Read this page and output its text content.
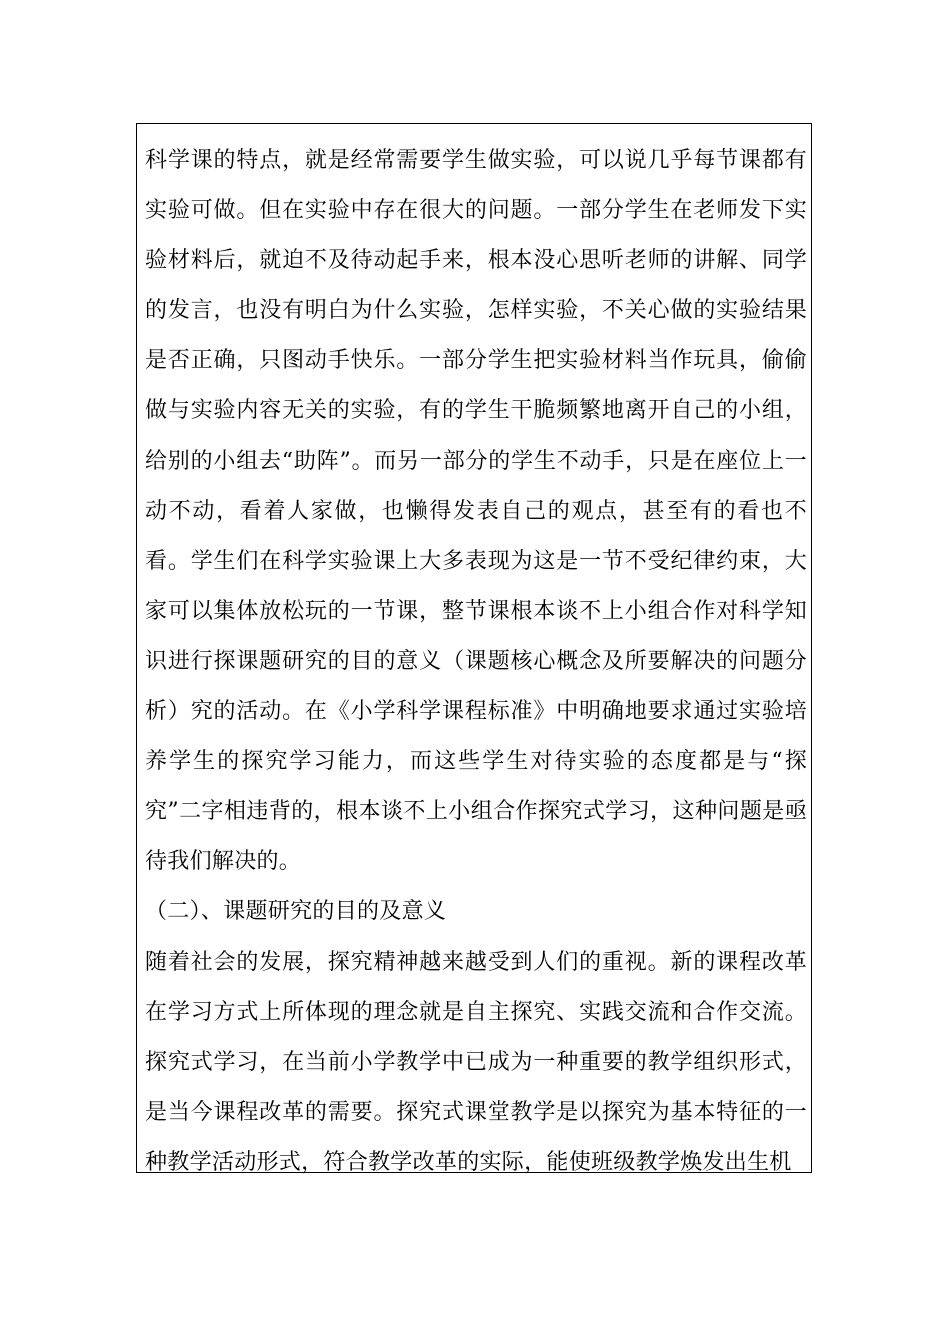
科学课的特点，就是经常需要学生做实验，可以说几乎每节课都有实验可做。但在实验中存在很大的问题。一部分学生在老师发下实验材料后，就迫不及待动起手来，根本没心思听老师的讲解、同学的发言，也没有明白为什么实验，怎样实验，不关心做的实验结果是否正确，只图动手快乐。一部分学生把实验材料当作玩具，偷偷做与实验内容无关的实验，有的学生干脆频繁地离开自己的小组，给别的小组去“助阵”。而另一部分的学生不动手，只是在座位上一动不动，看着人家做，也懒得发表自己的观点，甚至有的看也不看。学生们在科学实验课上大多表现为这是一节不受纪律约束，大家可以集体放松玩的一节课，整节课根本谈不上小组合作对科学知识进行探课题研究的目的意义（课题核心概念及所要解决的问题分析）究的活动。在《小学科学课程标准》中明确地要求通过实验培养学生的探究学习能力，而这些学生对待实验的态度都是与“探究”二字相违背的，根本谈不上小组合作探究式学习，这种问题是亟待我们解决的。

（二）、课题研究的目的及意义

随着社会的发展，探究精神越来越受到人们的重视。新的课程改革在学习方式上所体现的理念就是自主探究、实践交流和合作交流。探究式学习，在当前小学教学中已成为一种重要的教学组织形式，是当今课程改革的需要。探究式课堂教学是以探究为基本特征的一种教学活动形式，符合教学改革的实际，能使班级教学焕发出生机
